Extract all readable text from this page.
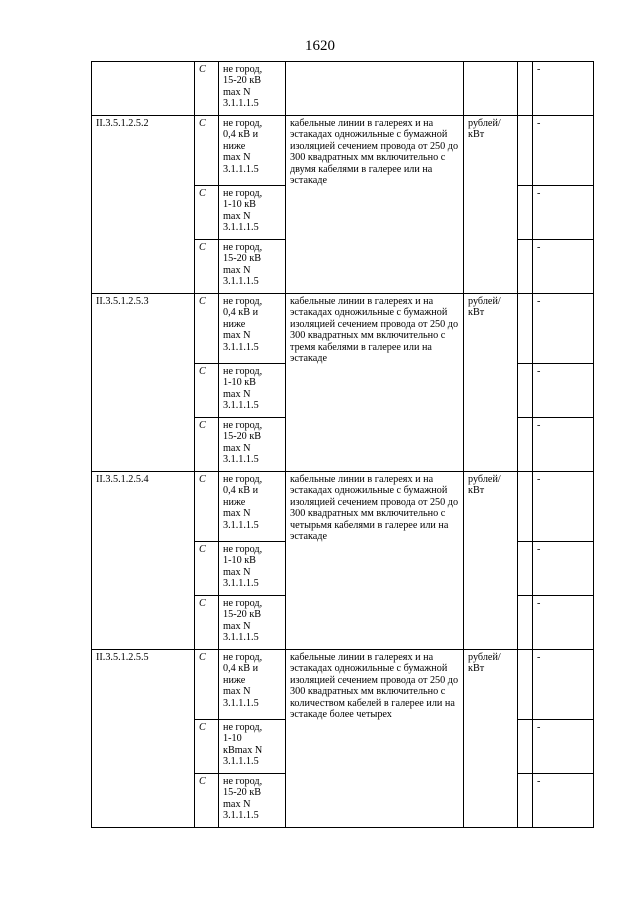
1620
	С	не город,
15-20 кВ
max N
3.1.1.1.5				-
II.3.5.1.2.5.2	С	не город,
0,4 кВ и
ниже
max N
3.1.1.1.5	кабельные линии в галереях и на эстакадах одножильные с бумажной изоляцией сечением провода от 250 до 300 квадратных мм включительно с двумя кабелями в галерее или на эстакаде	рублей/ кВт		-
	С	не город,
1-10 кВ
max N
3.1.1.1.5				-
	С	не город,
15-20 кВ
max N
3.1.1.1.5				-
II.3.5.1.2.5.3	С	не город,
0,4 кВ и
ниже
max N
3.1.1.1.5	кабельные линии в галереях и на эстакадах одножильные с бумажной изоляцией сечением провода от 250 до 300 квадратных мм включительно с тремя кабелями в галерее или на эстакаде	рублей/ кВт		-
	С	не город,
1-10 кВ
max N
3.1.1.1.5				-
	С	не город,
15-20 кВ
max N
3.1.1.1.5				-
II.3.5.1.2.5.4	С	не город,
0,4 кВ и
ниже
max N
3.1.1.1.5	кабельные линии в галереях и на эстакадах одножильные с бумажной изоляцией сечением провода от 250 до 300 квадратных мм включительно с четырьмя кабелями в галерее или на эстакаде	рублей/ кВт		-
	С	не город,
1-10 кВ
max N
3.1.1.1.5				-
	С	не город,
15-20 кВ
max N
3.1.1.1.5				-
II.3.5.1.2.5.5	С	не город,
0,4 кВ и
ниже
max N
3.1.1.1.5	кабельные линии в галереях и на эстакадах одножильные с бумажной изоляцией сечением провода от 250 до 300 квадратных мм включительно с количеством кабелей в галерее или на эстакаде более четырех	рублей/ кВт		-
	С	не город,
1-10
кВmax N
3.1.1.1.5				-
	С	не город,
15-20 кВ
max N
3.1.1.1.5				-
